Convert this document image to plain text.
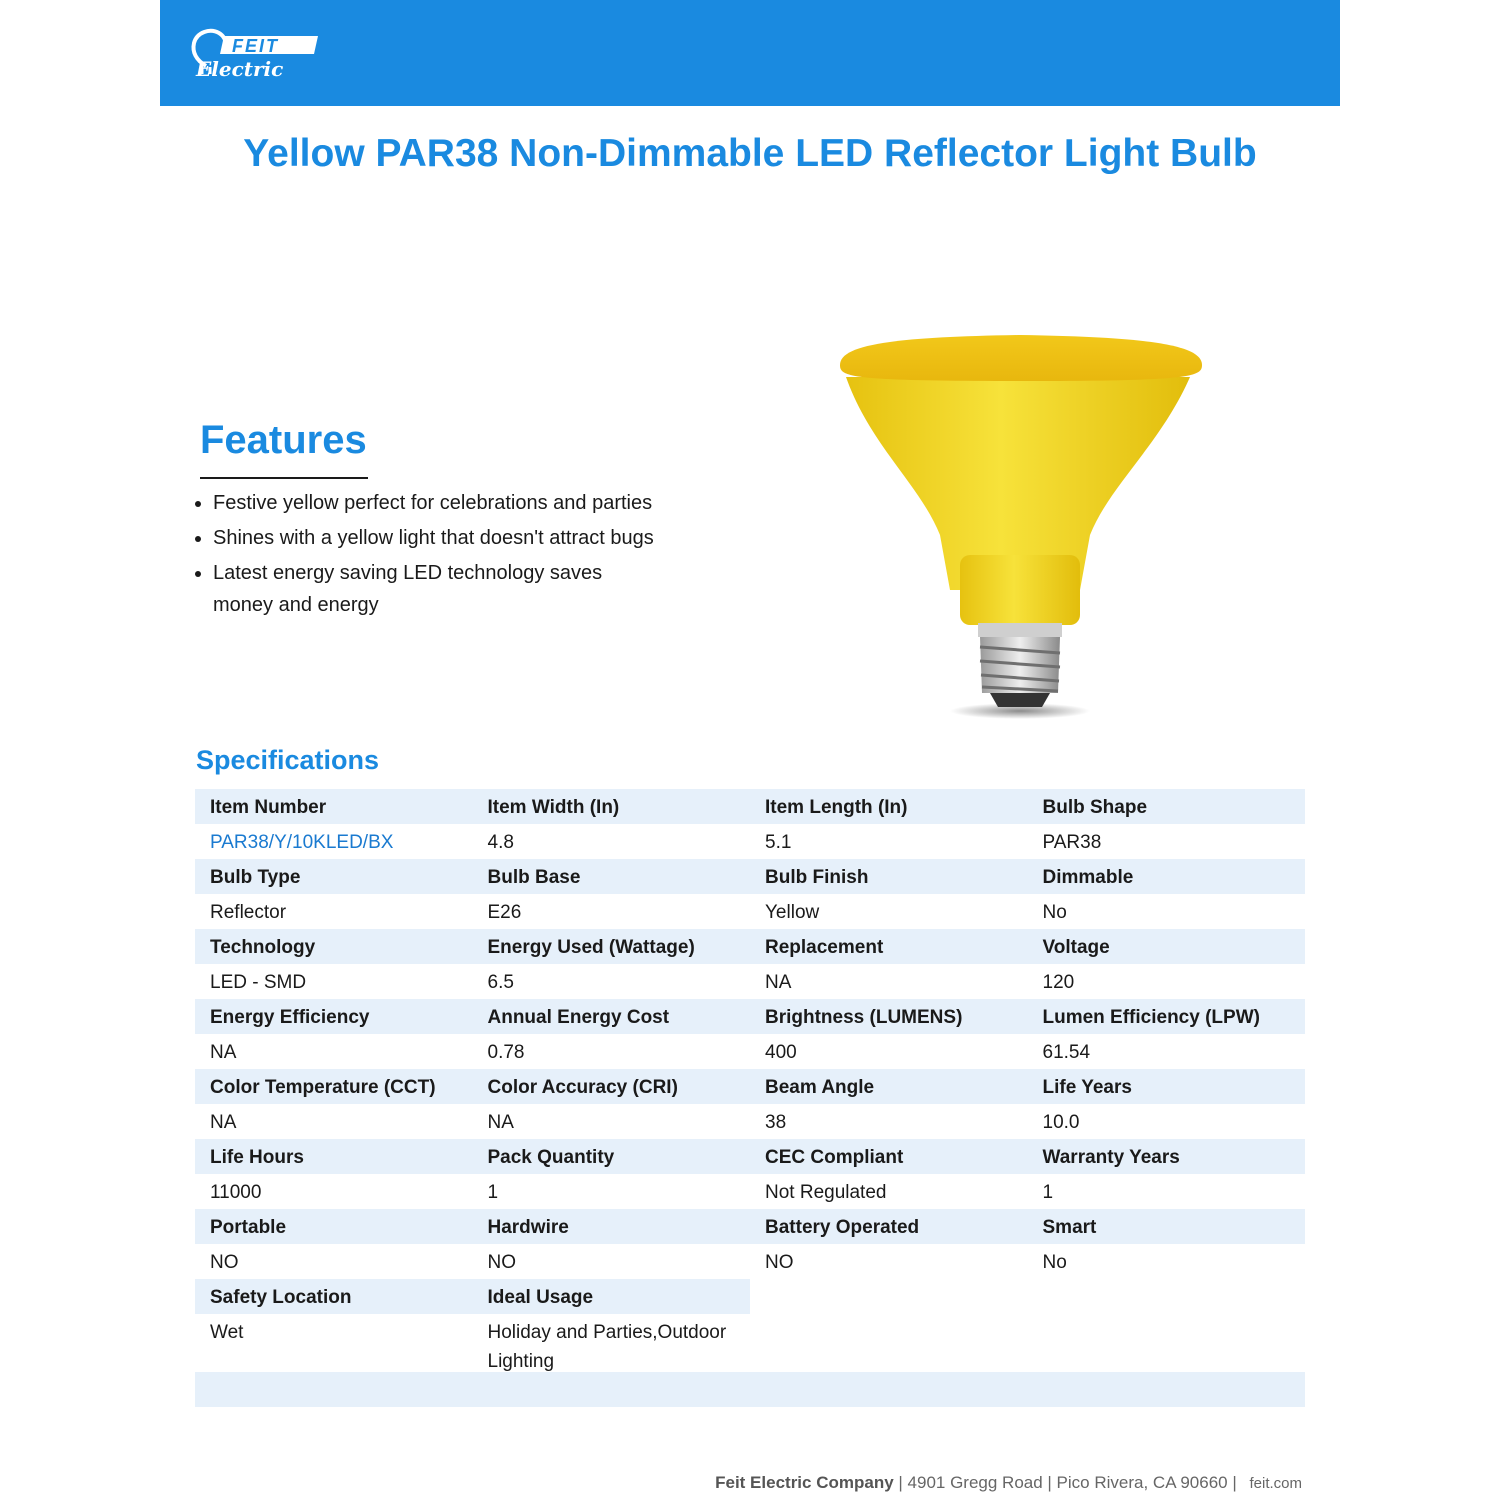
FEIT
Electric
Yellow PAR38 Non-Dimmable LED Reflector Light Bulb
Features
Festive yellow perfect for celebrations and parties
Shines with a yellow light that doesn't attract bugs
Latest energy saving LED technology saves money and energy
Specifications
Item Number	Item Width (In)	Item Length (In)	Bulb Shape
PAR38/Y/10KLED/BX	4.8	5.1	PAR38
Bulb Type	Bulb Base	Bulb Finish	Dimmable
Reflector	E26	Yellow	No
Technology	Energy Used (Wattage)	Replacement	Voltage
LED - SMD	6.5	NA	120
Energy Efficiency	Annual Energy Cost	Brightness (LUMENS)	Lumen Efficiency (LPW)
NA	0.78	400	61.54
Color Temperature (CCT)	Color Accuracy (CRI)	Beam Angle	Life Years
NA	NA	38	10.0
Life Hours	Pack Quantity	CEC Compliant	Warranty Years
11000	1	Not Regulated	1
Portable	Hardwire	Battery Operated	Smart
NO	NO	NO	No
Safety Location	Ideal Usage
Wet	Holiday and Parties,Outdoor Lighting
Feit Electric Company | 4901 Gregg Road | Pico Rivera, CA 90660 | feit.com
